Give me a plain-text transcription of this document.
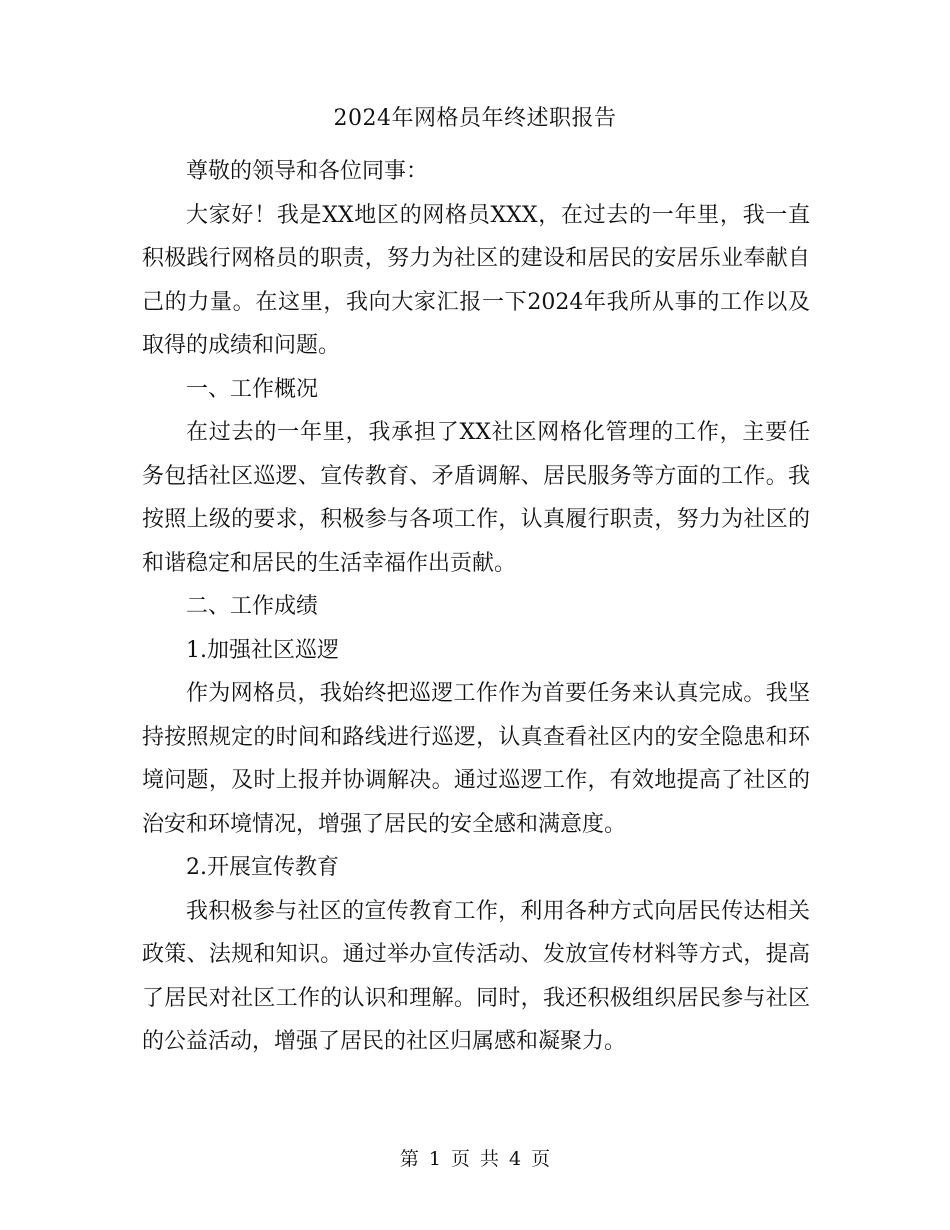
2024年网格员年终述职报告

尊敬的领导和各位同事：

大家好！我是XX地区的网格员XXX，在过去的一年里，我一直积极践行网格员的职责，努力为社区的建设和居民的安居乐业奉献自己的力量。在这里，我向大家汇报一下2024年我所从事的工作以及取得的成绩和问题。

一、工作概况

在过去的一年里，我承担了XX社区网格化管理的工作，主要任务包括社区巡逻、宣传教育、矛盾调解、居民服务等方面的工作。我按照上级的要求，积极参与各项工作，认真履行职责，努力为社区的和谐稳定和居民的生活幸福作出贡献。

二、工作成绩

1.加强社区巡逻

作为网格员，我始终把巡逻工作作为首要任务来认真完成。我坚持按照规定的时间和路线进行巡逻，认真查看社区内的安全隐患和环境问题，及时上报并协调解决。通过巡逻工作，有效地提高了社区的治安和环境情况，增强了居民的安全感和满意度。

2.开展宣传教育

我积极参与社区的宣传教育工作，利用各种方式向居民传达相关政策、法规和知识。通过举办宣传活动、发放宣传材料等方式，提高了居民对社区工作的认识和理解。同时，我还积极组织居民参与社区的公益活动，增强了居民的社区归属感和凝聚力。

第 1 页 共 4 页
